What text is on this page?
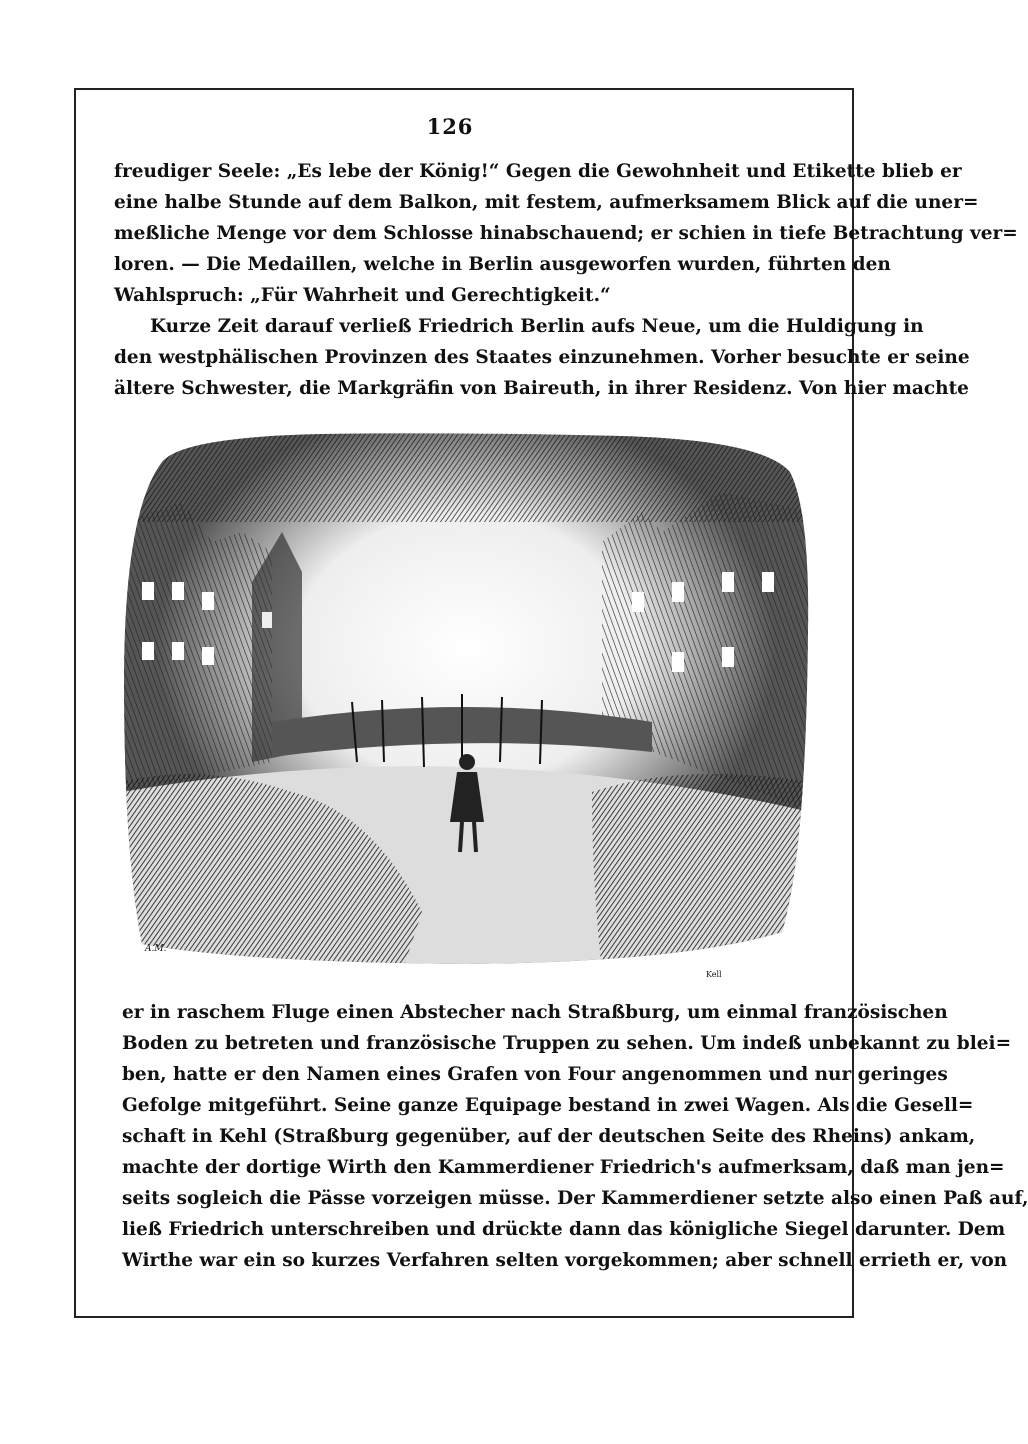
126
freudiger Seele: „Es lebe der König!“ Gegen die Gewohnheit und Etikette blieb er
eine halbe Stunde auf dem Balkon, mit festem, aufmerksamem Blick auf die uner=
meßliche Menge vor dem Schlosse hinabschauend; er schien in tiefe Betrachtung ver=
loren. — Die Medaillen, welche in Berlin ausgeworfen wurden, führten den
Wahlspruch: „Für Wahrheit und Gerechtigkeit.“
Kurze Zeit darauf verließ Friedrich Berlin aufs Neue, um die Huldigung in
den westphälischen Provinzen des Staates einzunehmen. Vorher besuchte er seine
ältere Schwester, die Markgräfin von Baireuth, in ihrer Residenz. Von hier machte
A.M.
Kell
er in raschem Fluge einen Abstecher nach Straßburg, um einmal französischen
Boden zu betreten und französische Truppen zu sehen. Um indeß unbekannt zu blei=
ben, hatte er den Namen eines Grafen von Four angenommen und nur geringes
Gefolge mitgeführt. Seine ganze Equipage bestand in zwei Wagen. Als die Gesell=
schaft in Kehl (Straßburg gegenüber, auf der deutschen Seite des Rheins) ankam,
machte der dortige Wirth den Kammerdiener Friedrich's aufmerksam, daß man jen=
seits sogleich die Pässe vorzeigen müsse. Der Kammerdiener setzte also einen Paß auf,
ließ Friedrich unterschreiben und drückte dann das königliche Siegel darunter. Dem
Wirthe war ein so kurzes Verfahren selten vorgekommen; aber schnell errieth er, von
